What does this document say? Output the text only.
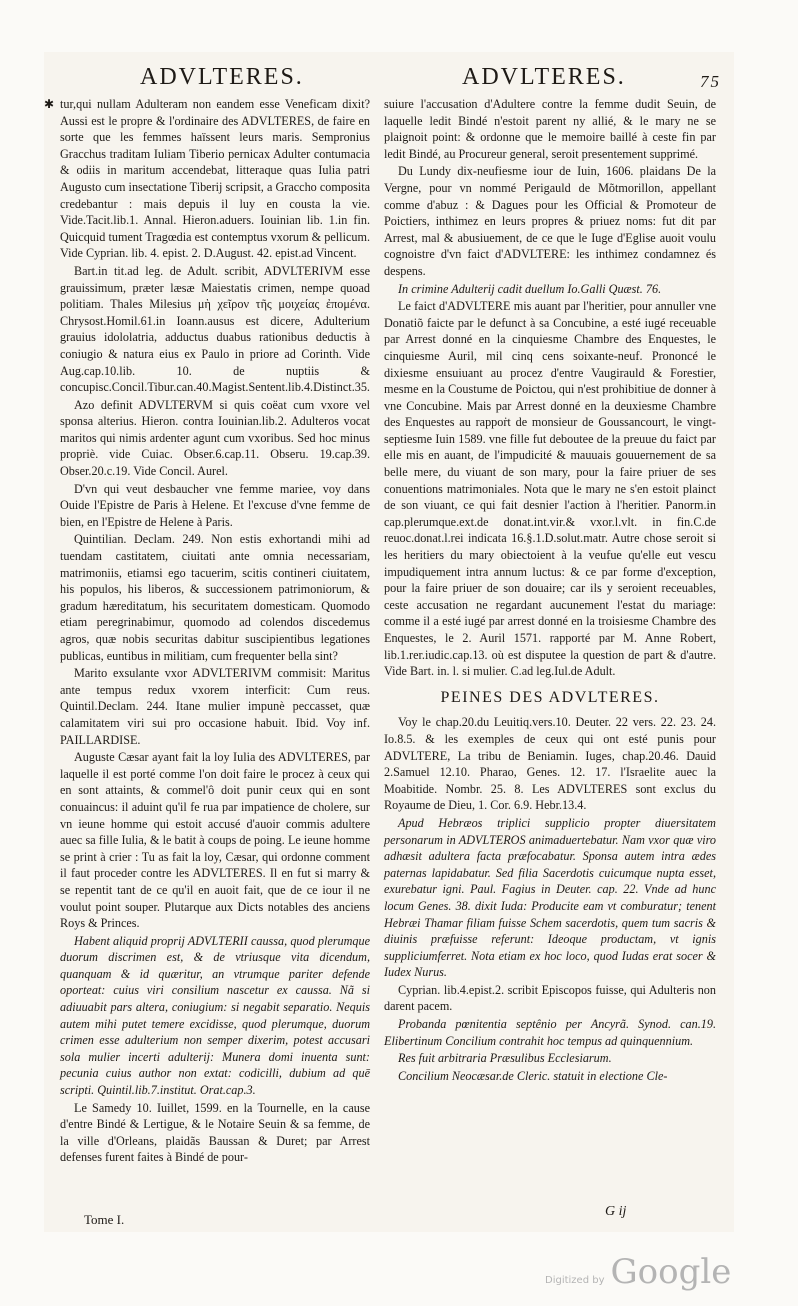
ADVLTERES.	ADVLTERES.	75
✱ tur,qui nullam Adulteram non eandem esse Veneficam dixit? Aussi est le propre & l'ordinaire des ADVLTERES, de faire en sorte que les femmes haïssent leurs maris. Sempronius Gracchus traditam Iuliam Tiberio pernicax Adulter contumacia & odiis in maritum accendebat, litteraque quas Iulia patri Augusto cum insectatione Tiberij scripsit, a Graccho composita credebantur : mais depuis il luy en cousta la vie. Vide.Tacit.lib.1. Annal. Hieron.aduers. Iouinian lib. 1.in fin. Quicquid tument Tragœdia est contemptus vxorum & pellicum. Vide Cyprian. lib. 4. epist. 2. D.August. 42. epist.ad Vincent.

Bart.in tit.ad leg. de Adult. scribit, ADVLTERIVM esse grauissimum, præter læsæ Maiestatis crimen, nempe quoad politiam. Thales Milesius μὴ χεῖρον τῆς μοιχείας ἐπομένα. Chrysost.Homil.61.in Ioann.ausus est dicere, Adulterium grauius idololatria, adductus duabus rationibus deductis à coniugio & natura eius ex Paulo in priore ad Corinth. Vide Aug.cap.10.lib. 10. de nuptiis & concupisc.Concil.Tibur.can.40.Magist.Sentent.lib.4.Distinct.35.

Azo definit ADVLTERVM si quis coëat cum vxore vel sponsa alterius. Hieron. contra Iouinian.lib.2. Adulteros vocat maritos qui nimis ardenter agunt cum vxoribus. Sed hoc minus propriè. vide Cuiac. Obser.6.cap.11. Obseru. 19.cap.39. Obser.20.c.19. Vide Concil. Aurel.

D'vn qui veut desbaucher vne femme mariee, voy dans Ouide l'Epistre de Paris à Helene. Et l'excuse d'vne femme de bien, en l'Epistre de Helene à Paris.

Quintilian. Declam. 249. Non estis exhortandi mihi ad tuendam castitatem, ciuitati ante omnia necessariam, matrimoniis, etiamsi ego tacuerim, scitis contineri ciuitatem, his populos, his liberos, & successionem patrimoniorum, & gradum hæreditatum, his securitatem domesticam. Quomodo etiam peregrinabimur, quomodo ad colendos discedemus agros, quæ nobis securitas dabitur suscipientibus legationes publicas, euntibus in militiam, cum frequenter bella sint?

Marito exsulante vxor ADVLTERIVM commisit: Maritus ante tempus redux vxorem interficit: Cum reus. Quintil.Declam. 244. Itane mulier impunè peccasset, quæ calamitatem viri sui pro occasione habuit. Ibid. Voy inf. PAILLARDISE.

Auguste Cæsar ayant fait la loy Iulia des ADVLTERES, par laquelle il est porté comme l'on doit faire le procez à ceux qui en sont attaints, & commel'ô doit punir ceux qui en sont conuaincus: il aduint qu'il fe rua par impatience de cholere, sur vn ieune homme qui estoit accusé d'auoir commis adultere auec sa fille Iulia, & le batit à coups de poing. Le ieune homme se print à crier : Tu as fait la loy, Cæsar, qui ordonne comment il faut proceder contre les ADVLTERES. Il en fut si marry & se repentit tant de ce qu'il en auoit fait, que de ce iour il ne voulut point souper. Plutarque aux Dicts notables des anciens Roys & Princes.

Habent aliquid proprij ADVLTERII caussa, quod plerumque duorum discrimen est, & de vtriusque vita dicendum, quanquam & id quæritur, an vtrumque pariter defende oporteat: cuius viri consilium nascetur ex caussa. Nã si adiuuabit pars altera, coniugium: si negabit separatio. Nequis autem mihi putet temere excidisse, quod plerumque, duorum crimen esse adulterium non semper dixerim, potest accusari sola mulier incerti adulterij: Munera domi inuenta sunt: pecunia cuius author non extat: codicilli, dubium ad quē scripti. Quintil.lib.7.institut. Orat.cap.3.

Le Samedy 10. Iuillet, 1599. en la Tournelle, en la cause d'entre Bindé & Lertigue, & le Notaire Seuin & sa femme, de la ville d'Orleans, plaidãs Baussan & Duret; par Arrest defenses furent faites à Bindé de pour-

suiure l'accusation d'Adultere contre la femme dudit Seuin, de laquelle ledit Bindé n'estoit parent ny allié, & le mary ne se plaignoit point: & ordonne que le memoire baillé à ceste fin par ledit Bindé, au Procureur general, seroit presentement supprimé.

Du Lundy dix-neufiesme iour de Iuin, 1606. plaidans De la Vergne, pour vn nommé Perigauld de Mõtmorillon, appellant comme d'abuz : & Dagues pour les Official & Promoteur de Poictiers, inthimez en leurs propres & priuez noms: fut dit par Arrest, mal & abusiuement, de ce que le Iuge d'Eglise auoit voulu cognoistre d'vn faict d'ADVLTERE: les inthimez condamnez és despens.

In crimine Adulterij cadit duellum Io.Galli Quæst. 76.

Le faict d'ADVLTERE mis auant par l'heritier, pour annuller vne Donatiõ faicte par le defunct à sa Concubine, a esté iugé receuable par Arrest donné en la cinquiesme Chambre des Enquestes, le cinquiesme Auril, mil cinq cens soixante-neuf. Prononcé le dixiesme ensuiuant au procez d'entre Vaugirauld & Forestier, mesme en la Coustume de Poictou, qui n'est prohibitiue de donner à vne Concubine. Mais par Arrest donné en la deuxiesme Chambre des Enquestes au rappoṙt de monsieur de Goussancourt, le vingt-septiesme Iuin 1589. vne fille fut deboutee de la preuue du faict par elle mis en auant, de l'impudicité & mauuais gouuernement de sa belle mere, du viuant de son mary, pour la faire priuer de ses conuentions matrimoniales. Nota que le mary ne s'en estoit plainct de son viuant, ce qui fait desnier l'action à l'heritier. Panorm.in cap.plerumque.ext.de donat.int.vir.& vxor.l.vlt. in fin.C.de reuoc.donat.l.rei indicata 16.§.1.D.solut.matr. Autre chose seroit si les heritiers du mary obiectoient à la veufue qu'elle eut vescu impudiquement intra annum luctus: & ce par forme d'exception, pour la faire priuer de son douaire; car ils y seroient receuables, ceste accusation ne regardant aucunement l'estat du mariage: comme il a esté iugé par arrest donné en la troisiesme Chambre des Enquestes, le 2. Auril 1571. rapporté par M. Anne Robert, lib.1.rer.iudic.cap.13. où est disputee la question de part & d'autre. Vide Bart. in. l. si mulier. C.ad leg.Iul.de Adult.

PEINES DES ADVLTERES.

Voy le chap.20.du Leuitiq.vers.10. Deuter. 22 vers. 22. 23. 24. Io.8.5. & les exemples de ceux qui ont esté punis pour ADVLTERE, La tribu de Beniamin. Iuges, chap.20.46. Dauid 2.Samuel 12.10. Pharao, Genes. 12. 17. l'Israelite auec la Moabitide. Nombr. 25. 8. Les ADVLTERES sont exclus du Royaume de Dieu, 1. Cor. 6.9. Hebr.13.4.

Apud Hebræos triplici supplicio propter diuersitatem personarum in ADVLTEROS animaduertebatur. Nam vxor quæ viro adhæsit adultera facta præfocabatur. Sponsa autem intra ædes paternas lapidabatur. Sed filia Sacerdotis cuicumque nupta esset, exurebatur igni. Paul. Fagius in Deuter. cap. 22. Vnde ad hunc locum Genes. 38. dixit Iuda: Producite eam vt comburatur; tenent Hebræi Thamar filiam fuisse Schem sacerdotis, quem tum sacris & diuinis præfuisse referunt: Ideoque productam, vt ignis suppliciumferret. Nota etiam ex hoc loco, quod Iudas erat socer & Iudex Nurus.

Cyprian. lib.4.epist.2. scribit Episcopos fuisse, qui Adulteris non darent pacem.

Probanda pœnitentia septênio per Ancyrã. Synod. can.19. Elibertinum Concilium contrahit hoc tempus ad quinquennium.

Res fuit arbitraria Præsulibus Ecclesiarum.

Concilium Neocæsar.de Cleric. statuit in electione Cle-

Tome I.
G ij
Digitized by Google
